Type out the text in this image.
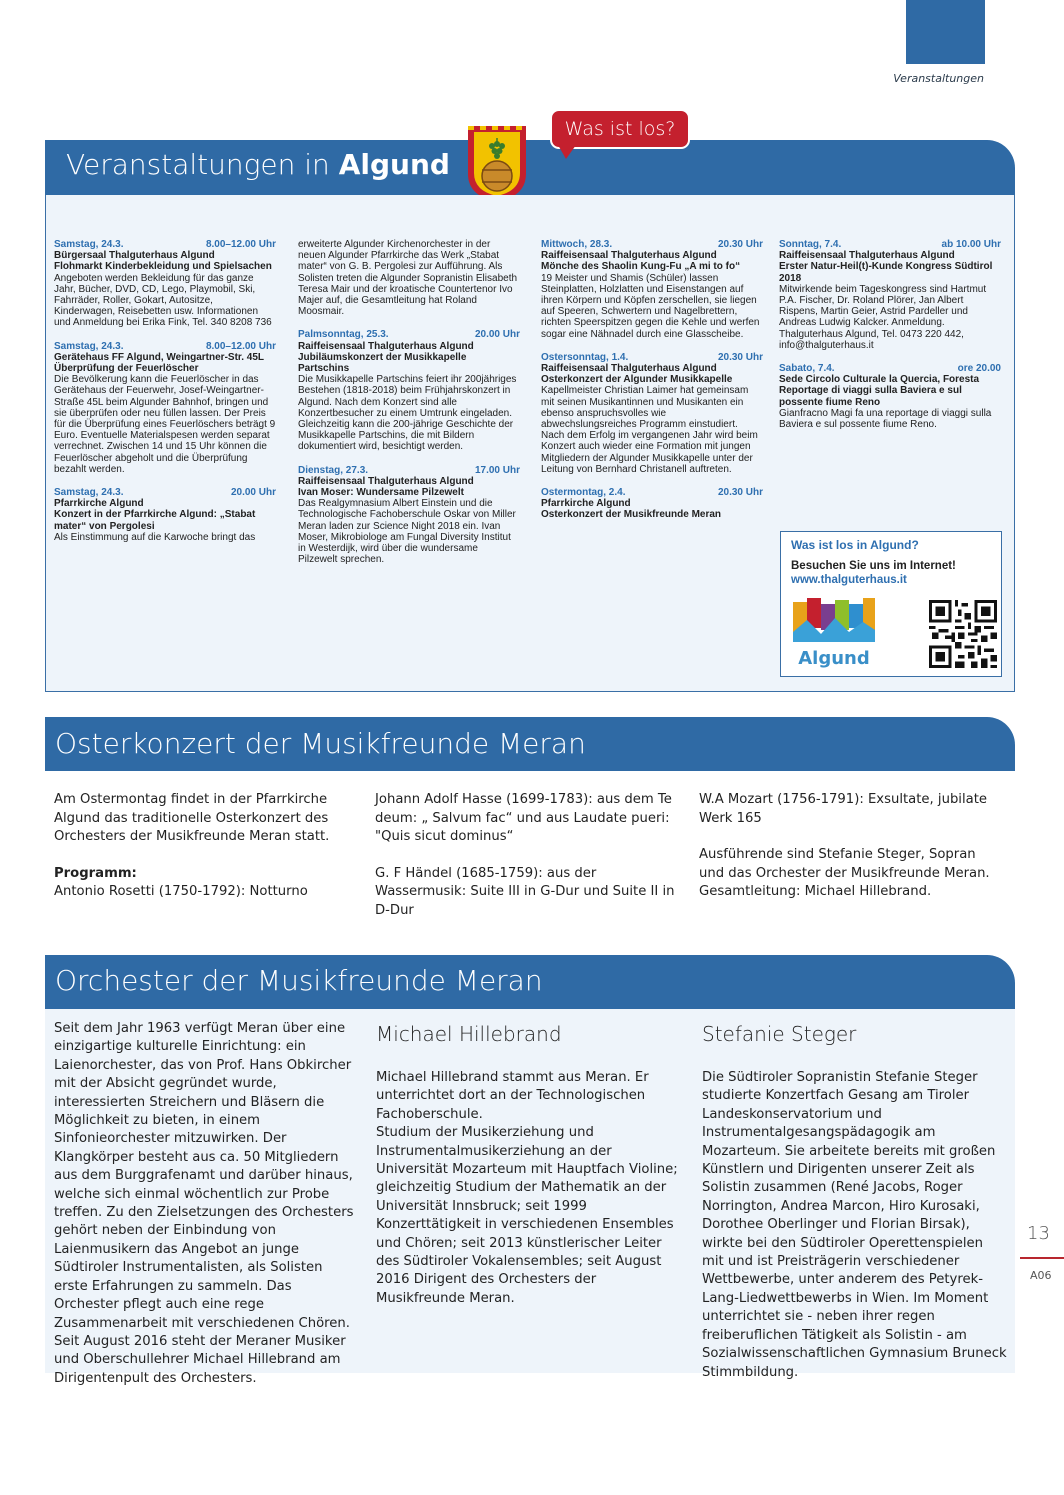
Veranstaltungen
13
A06
Veranstaltungen in Algund
Was ist los?
Samstag, 24.3.	8.00–12.00 Uhr
Bürgersaal Thalguterhaus Algund
Flohmarkt Kinderbekleidung und Spielsachen
Angeboten werden Bekleidung für das ganze Jahr, Bücher, DVD, CD, Lego, Playmobil, Ski, Fahrräder, Roller, Gokart, Autositze, Kinderwagen, Reisebetten usw. Informationen und Anmeldung bei Erika Fink, Tel. 340 8208 736
Samstag, 24.3.	8.00–12.00 Uhr
Gerätehaus FF Algund, Weingartner-Str. 45L
Überprüfung der Feuerlöscher
Die Bevölkerung kann die Feuerlöscher in das Gerätehaus der Feuerwehr, Josef-Weingartner-Straße 45L beim Algunder Bahnhof, bringen und sie überprüfen oder neu füllen lassen. Der Preis für die Überprüfung eines Feuerlöschers beträgt 9 Euro. Eventuelle Materialspesen werden separat verrechnet. Zwischen 14 und 15 Uhr können die Feuerlöscher abgeholt und die Überprüfung bezahlt werden.
Samstag, 24.3.	20.00 Uhr
Pfarrkirche Algund
Konzert in der Pfarrkirche Algund: „Stabat mater“ von Pergolesi
Als Einstimmung auf die Karwoche bringt das
erweiterte Algunder Kirchenorchester in der neuen Algunder Pfarrkirche das Werk „Stabat mater“ von G. B. Pergolesi zur Aufführung. Als Solisten treten die Algunder Sopranistin Elisabeth Teresa Mair und der kroatische Countertenor Ivo Majer auf, die Gesamtleitung hat Roland Moosmair.
Palmsonntag, 25.3.	20.00 Uhr
Raiffeisensaal Thalguterhaus Algund
Jubiläumskonzert der Musikkapelle Partschins
Die Musikkapelle Partschins feiert ihr 200jähriges Bestehen (1818-2018) beim Frühjahrskonzert in Algund. Nach dem Konzert sind alle Konzertbesucher zu einem Umtrunk eingeladen. Gleichzeitig kann die 200-jährige Geschichte der Musikkapelle Partschins, die mit Bildern dokumentiert wird, besichtigt werden.
Dienstag, 27.3.	17.00 Uhr
Raiffeisensaal Thalguterhaus Algund
Ivan Moser: Wundersame Pilzewelt
Das Realgymnasium Albert Einstein und die Technologische Fachoberschule Oskar von Miller Meran laden zur Science Night 2018 ein. Ivan Moser, Mikrobiologe am Fungal Diversity Institut in Westerdijk, wird über die wundersame Pilzewelt sprechen.
Mittwoch, 28.3.	20.30 Uhr
Raiffeisensaal Thalguterhaus Algund
Mönche des Shaolin Kung-Fu „A mi to fo“
19 Meister und Shamis (Schüler) lassen Steinplatten, Holzlatten und Eisenstangen auf ihren Körpern und Köpfen zerschellen, sie liegen auf Speeren, Schwertern und Nagelbrettern, richten Speerspitzen gegen die Kehle und werfen sogar eine Nähnadel durch eine Glasscheibe.
Ostersonntag, 1.4.	20.30 Uhr
Raiffeisensaal Thalguterhaus Algund
Osterkonzert der Algunder Musikkapelle
Kapellmeister Christian Laimer hat gemeinsam mit seinen Musikantinnen und Musikanten ein ebenso anspruchsvolles wie abwechslungsreiches Programm einstudiert. Nach dem Erfolg im vergangenen Jahr wird beim Konzert auch wieder eine Formation mit jungen Mitgliedern der Algunder Musikkapelle unter der Leitung von Bernhard Christanell auftreten.
Ostermontag, 2.4.	20.30 Uhr
Pfarrkirche Algund
Osterkonzert der Musikfreunde Meran
Sonntag, 7.4.	ab 10.00 Uhr
Raiffeisensaal Thalguterhaus Algund
Erster Natur-Heil(t)-Kunde Kongress Südtirol 2018
Mitwirkende beim Tageskongress sind Hartmut P.A. Fischer, Dr. Roland Plörer, Jan Albert Rispens, Martin Geier, Astrid Pardeller und Andreas Ludwig Kalcker. Anmeldung. Thalguterhaus Algund, Tel. 0473 220 442, info@thalguterhaus.it
Sabato, 7.4.	ore 20.00
Sede Circolo Culturale la Quercia, Foresta
Reportage di viaggi sulla Baviera e sul possente fiume Reno
Gianfracno Magi fa una reportage di viaggi sulla Baviera e sul possente fiume Reno.
Was ist los in Algund?
Besuchen Sie uns im Internet!
www.thalguterhaus.it
Algund
Osterkonzert der Musikfreunde Meran

Am Ostermontag findet in der Pfarrkirche Algund das traditionelle Osterkonzert des Orchesters der Musikfreunde Meran statt.

Programm:
Antonio Rosetti (1750-1792): Notturno

Johann Adolf Hasse (1699-1783): aus dem Te deum: „ Salvum fac“ und aus Laudate pueri: "Quis sicut dominus“

G. F Händel (1685-1759): aus der Wassermusik: Suite III in G-Dur und Suite II in D-Dur

W.A Mozart (1756-1791): Exsultate, jubilate Werk 165

Ausführende sind Stefanie Steger, Sopran und das Orchester der Musikfreunde Meran. Gesamtleitung: Michael Hillebrand.

Orchester der Musikfreunde Meran
Seit dem Jahr 1963 verfügt Meran über eine einzigartige kulturelle Einrichtung: ein Laienorchester, das von Prof. Hans Obkircher mit der Absicht gegründet wurde, interessierten Streichern und Bläsern die Möglichkeit zu bieten, in einem Sinfonieorchester mitzuwirken. Der Klangkörper besteht aus ca. 50 Mitgliedern aus dem Burggrafenamt und darüber hinaus, welche sich einmal wöchentlich zur Probe treffen. Zu den Zielsetzungen des Orchesters gehört neben der Einbindung von Laienmusikern das Angebot an junge Südtiroler Instrumentalisten, als Solisten erste Erfahrungen zu sammeln. Das Orchester pflegt auch eine rege Zusammenarbeit mit verschiedenen Chören. Seit August 2016 steht der Meraner Musiker und Oberschullehrer Michael Hillebrand am Dirigentenpult des Orchesters.
Michael Hillebrand
Michael Hillebrand stammt aus Meran. Er unterrichtet dort an der Technologischen Fachoberschule.
Studium der Musikerziehung und Instrumentalmusikerziehung an der Universität Mozarteum mit Hauptfach Violine; gleichzeitig Studium der Mathematik an der Universität Innsbruck; seit 1999 Konzerttätigkeit in verschiedenen Ensembles und Chören; seit 2013 künstlerischer Leiter des Südtiroler Vokalensembles; seit August 2016 Dirigent des Orchesters der Musikfreunde Meran.
Stefanie Steger
Die Südtiroler Sopranistin Stefanie Steger studierte Konzertfach Gesang am Tiroler Landeskonservatorium und Instrumentalgesangspädagogik am Mozarteum. Sie arbeitete bereits mit großen Künstlern und Dirigenten unserer Zeit als Solistin zusammen (René Jacobs, Roger Norrington, Andrea Marcon, Hiro Kurosaki, Dorothee Oberlinger und Florian Birsak), wirkte bei den Südtiroler Operettenspielen mit und ist Preisträgerin verschiedener Wettbewerbe, unter anderem des Petyrek-Lang-Liedwettbewerbs in Wien. Im Moment unterrichtet sie - neben ihrer regen freiberuflichen Tätigkeit als Solistin - am Sozialwissenschaftlichen Gymnasium Bruneck Stimmbildung.
